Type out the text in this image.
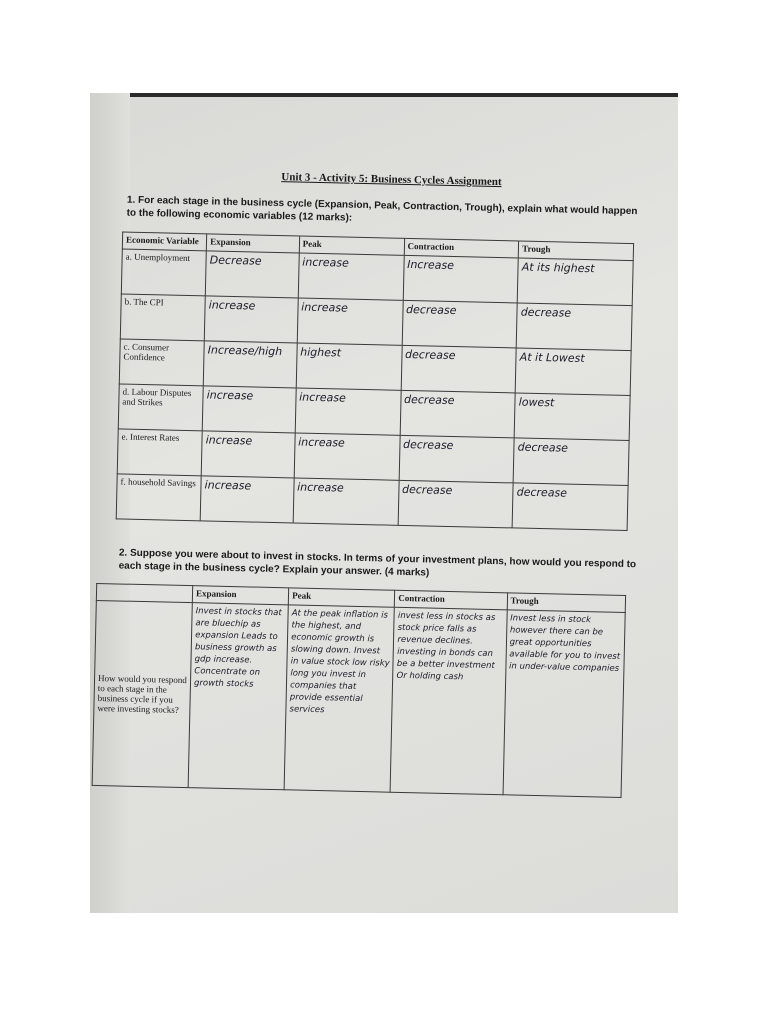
Unit 3 - Activity 5: Business Cycles Assignment
1. For each stage in the business cycle (Expansion, Peak, Contraction, Trough), explain what would happen to the following economic variables (12 marks):
Economic Variable	Expansion	Peak	Contraction	Trough
a. Unemployment	Decrease	increase	Increase	At its highest

b. The CPI	increase	increase	decrease	decrease

c. Consumer Confidence	Increase/high	highest	decrease	At it Lowest

d. Labour Disputes and Strikes	increase	increase	decrease	lowest

e. Interest Rates	increase	increase	decrease	decrease

f. household Savings	increase	increase	decrease	decrease
2. Suppose you were about to invest in stocks. In terms of your investment plans, how would you respond to each stage in the business cycle? Explain your answer. (4 marks)
	Expansion	Peak	Contraction	Trough
How would you respond to each stage in the business cycle if you were investing stocks?	Invest in stocks that are bluechip as expansion Leads to business growth as gdp increase. Concentrate on growth stocks	At the peak inflation is the highest, and economic growth is slowing down. Invest in value stock low risky long you invest in companies that provide essential services	invest less in stocks as stock price falls as revenue declines. investing in bonds can be a better investment Or holding cash	Invest less in stock however there can be great opportunities available for you to invest in under-value companies
